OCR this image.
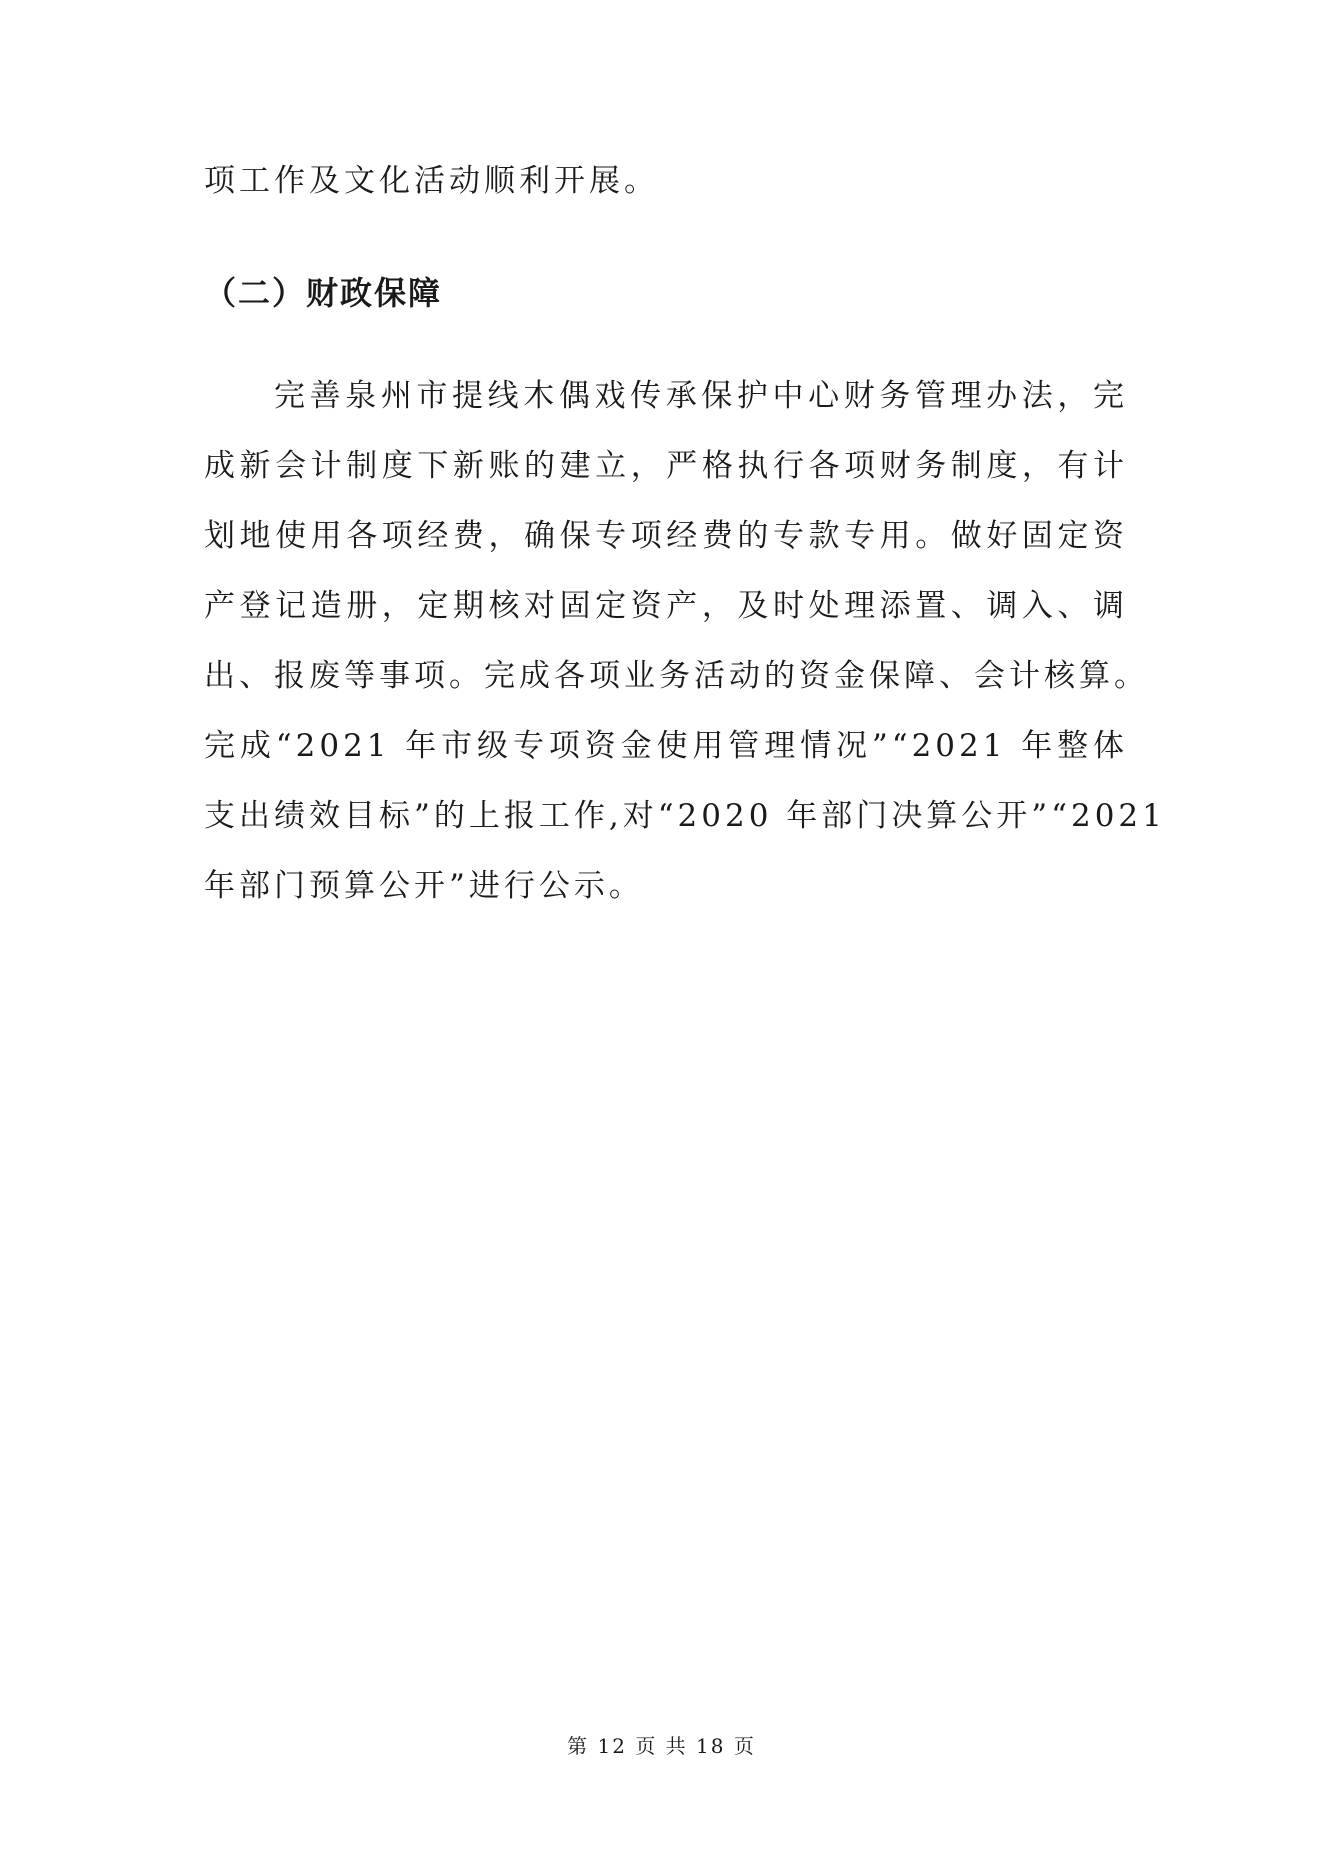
项工作及文化活动顺利开展。
（二）财政保障
完善泉州市提线木偶戏传承保护中心财务管理办法，完
成新会计制度下新账的建立，严格执行各项财务制度，有计
划地使用各项经费，确保专项经费的专款专用。做好固定资
产登记造册，定期核对固定资产，及时处理添置、调入、调
出、报废等事项。完成各项业务活动的资金保障、会计核算。
完成“2021 年市级专项资金使用管理情况”“2021 年整体
支出绩效目标”的上报工作,对“2020 年部门决算公开”“2021
年部门预算公开”进行公示。
第 12 页 共 18 页
